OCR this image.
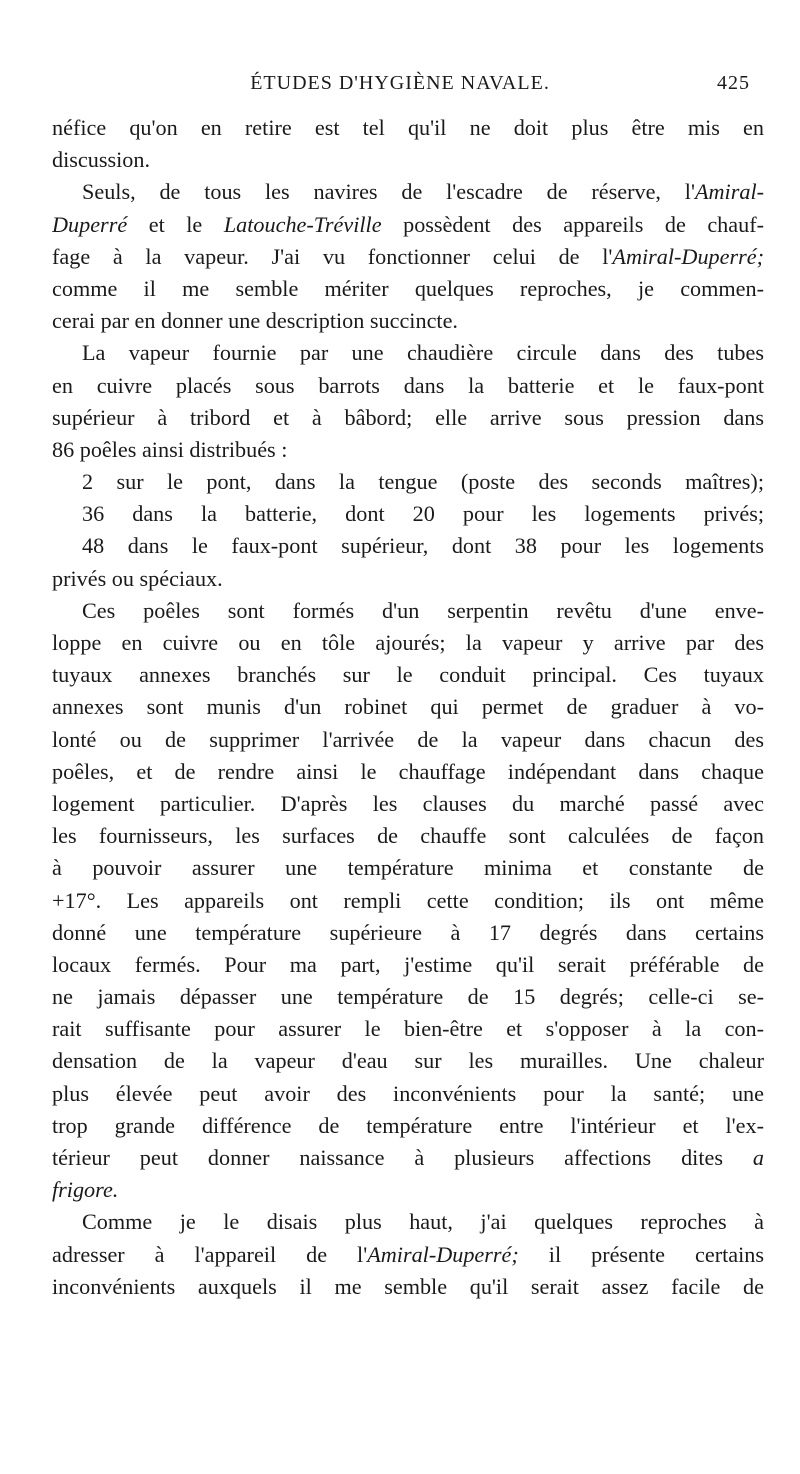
ÉTUDES D'HYGIÈNE NAVALE.	425
néfice qu'on en retire est tel qu'il ne doit plus être mis en
discussion.
Seuls, de tous les navires de l'escadre de réserve, l'Amiral-
Duperré et le Latouche-Tréville possèdent des appareils de chauf-
fage à la vapeur. J'ai vu fonctionner celui de l'Amiral-Duperré;
comme il me semble mériter quelques reproches, je commen-
cerai par en donner une description succincte.
La vapeur fournie par une chaudière circule dans des tubes
en cuivre placés sous barrots dans la batterie et le faux-pont
supérieur à tribord et à bâbord; elle arrive sous pression dans
86 poêles ainsi distribués :
2 sur le pont, dans la tengue (poste des seconds maîtres);
36 dans la batterie, dont 20 pour les logements privés;
48 dans le faux-pont supérieur, dont 38 pour les logements
privés ou spéciaux.
Ces poêles sont formés d'un serpentin revêtu d'une enve-
loppe en cuivre ou en tôle ajourés; la vapeur y arrive par des
tuyaux annexes branchés sur le conduit principal. Ces tuyaux
annexes sont munis d'un robinet qui permet de graduer à vo-
lonté ou de supprimer l'arrivée de la vapeur dans chacun des
poêles, et de rendre ainsi le chauffage indépendant dans chaque
logement particulier. D'après les clauses du marché passé avec
les fournisseurs, les surfaces de chauffe sont calculées de façon
à pouvoir assurer une température minima et constante de
+17°. Les appareils ont rempli cette condition; ils ont même
donné une température supérieure à 17 degrés dans certains
locaux fermés. Pour ma part, j'estime qu'il serait préférable de
ne jamais dépasser une température de 15 degrés; celle-ci se-
rait suffisante pour assurer le bien-être et s'opposer à la con-
densation de la vapeur d'eau sur les murailles. Une chaleur
plus élevée peut avoir des inconvénients pour la santé; une
trop grande différence de température entre l'intérieur et l'ex-
térieur peut donner naissance à plusieurs affections dites a
frigore.
Comme je le disais plus haut, j'ai quelques reproches à
adresser à l'appareil de l'Amiral-Duperré; il présente certains
inconvénients auxquels il me semble qu'il serait assez facile de
